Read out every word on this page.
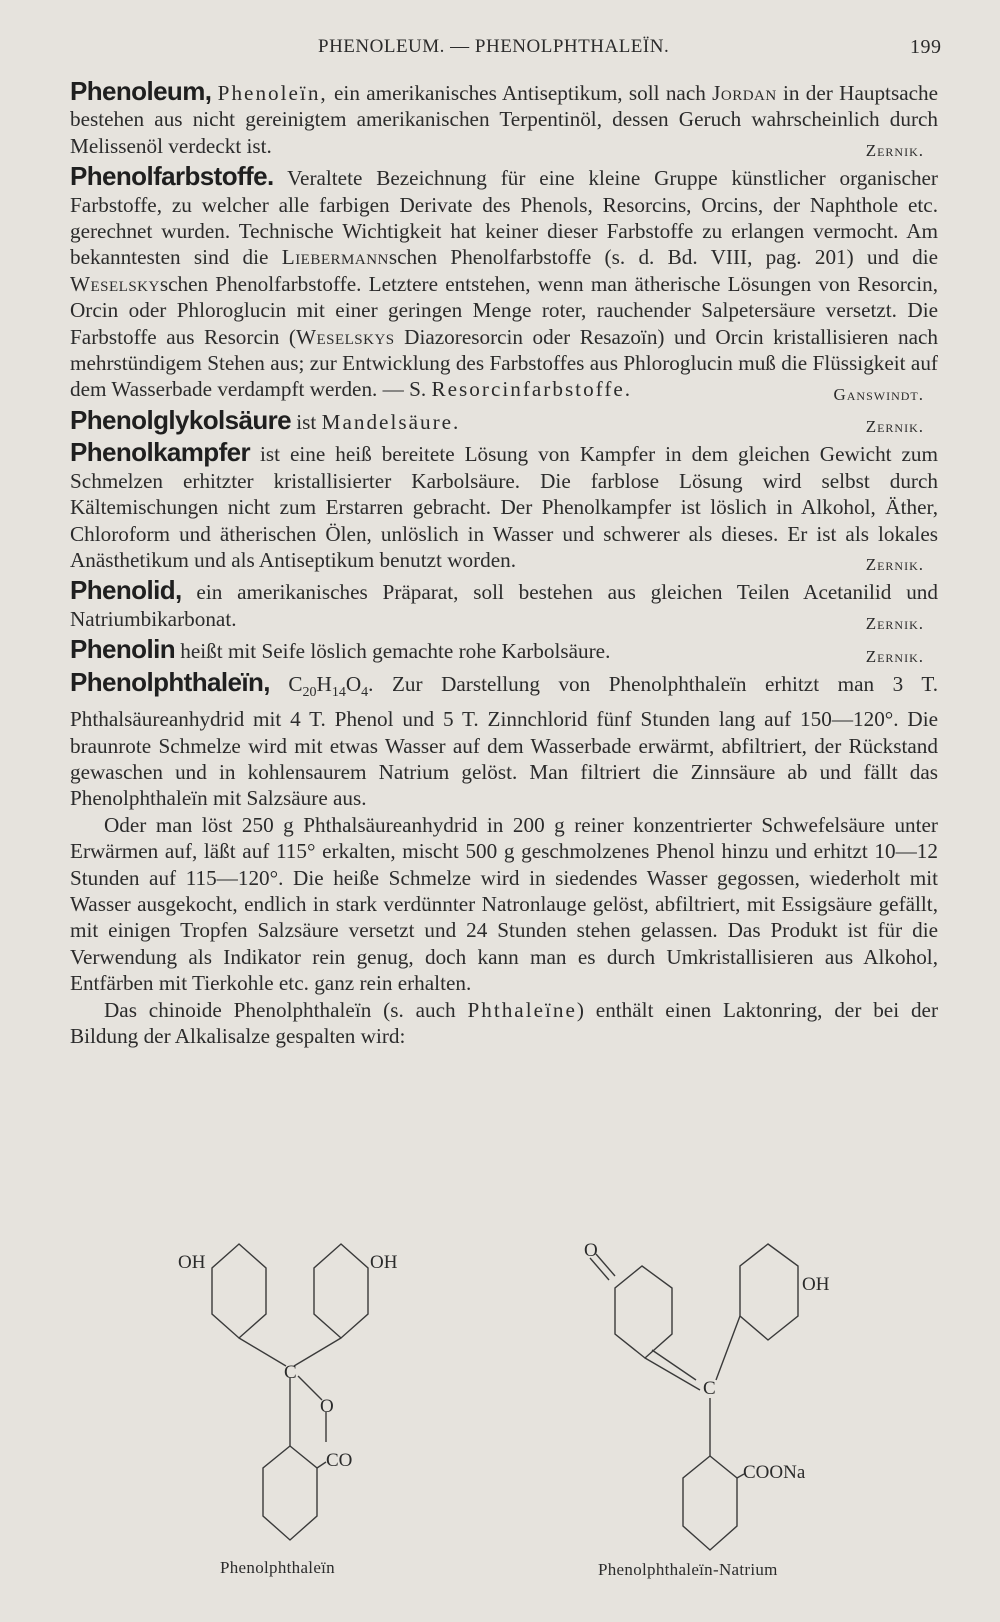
PHENOLEUM. — PHENOLPHTHALEÏN.	199

Phenoleum, Phenoleïn, ein amerikanisches Antiseptikum, soll nach Jordan in der Hauptsache bestehen aus nicht gereinigtem amerikanischen Terpentinöl, dessen Geruch wahrscheinlich durch Melissenöl verdeckt ist.	Zernik.

Phenolfarbstoffe. Veraltete Bezeichnung für eine kleine Gruppe künstlicher organischer Farbstoffe, zu welcher alle farbigen Derivate des Phenols, Resorcins, Orcins, der Naphthole etc. gerechnet wurden. Technische Wichtigkeit hat keiner dieser Farbstoffe zu erlangen vermocht. Am bekanntesten sind die Liebermannschen Phenolfarbstoffe (s. d. Bd. VIII, pag. 201) und die Weselskyschen Phenolfarbstoffe. Letztere entstehen, wenn man ätherische Lösungen von Resorcin, Orcin oder Phloroglucin mit einer geringen Menge roter, rauchender Salpetersäure versetzt. Die Farbstoffe aus Resorcin (Weselskys Diazoresorcin oder Resazoïn) und Orcin kristallisieren nach mehrstündigem Stehen aus; zur Entwicklung des Farbstoffes aus Phloroglucin muß die Flüssigkeit auf dem Wasserbade verdampft werden. — S. Resorcinfarbstoffe.	Ganswindt.

Phenolglykolsäure ist Mandelsäure.	Zernik.

Phenolkampfer ist eine heiß bereitete Lösung von Kampfer in dem gleichen Gewicht zum Schmelzen erhitzter kristallisierter Karbolsäure. Die farblose Lösung wird selbst durch Kältemischungen nicht zum Erstarren gebracht. Der Phenolkampfer ist löslich in Alkohol, Äther, Chloroform und ätherischen Ölen, unlöslich in Wasser und schwerer als dieses. Er ist als lokales Anästhetikum und als Antiseptikum benutzt worden.	Zernik.

Phenolid, ein amerikanisches Präparat, soll bestehen aus gleichen Teilen Acetanilid und Natriumbikarbonat.	Zernik.

Phenolin heißt mit Seife löslich gemachte rohe Karbolsäure.	Zernik.

Phenolphthaleïn, $C_{20}H_{14}O_4$. Zur Darstellung von Phenolphthaleïn erhitzt man 3 T. Phthalsäureanhydrid mit 4 T. Phenol und 5 T. Zinnchlorid fünf Stunden lang auf 150—120°. Die braunrote Schmelze wird mit etwas Wasser auf dem Wasserbade erwärmt, abfiltriert, der Rückstand gewaschen und in kohlensaurem Natrium gelöst. Man filtriert die Zinnsäure ab und fällt das Phenolphthaleïn mit Salzsäure aus.

Oder man löst 250 g Phthalsäureanhydrid in 200 g reiner konzentrierter Schwefelsäure unter Erwärmen auf, läßt auf 115° erkalten, mischt 500 g geschmolzenes Phenol hinzu und erhitzt 10—12 Stunden auf 115—120°. Die heiße Schmelze wird in siedendes Wasser gegossen, wiederholt mit Wasser ausgekocht, endlich in stark verdünnter Natronlauge gelöst, abfiltriert, mit Essigsäure gefällt, mit einigen Tropfen Salzsäure versetzt und 24 Stunden stehen gelassen. Das Produkt ist für die Verwendung als Indikator rein genug, doch kann man es durch Umkristallisieren aus Alkohol, Entfärben mit Tierkohle etc. ganz rein erhalten.

Das chinoide Phenolphthaleïn (s. auch Phthaleïne) enthält einen Laktonring, der bei der Bildung der Alkalisalze gespalten wird:

OH	OH
C
O
CO
O
OH
C
COONa
Phenolphthaleïn	Phenolphthaleïn-Natrium
